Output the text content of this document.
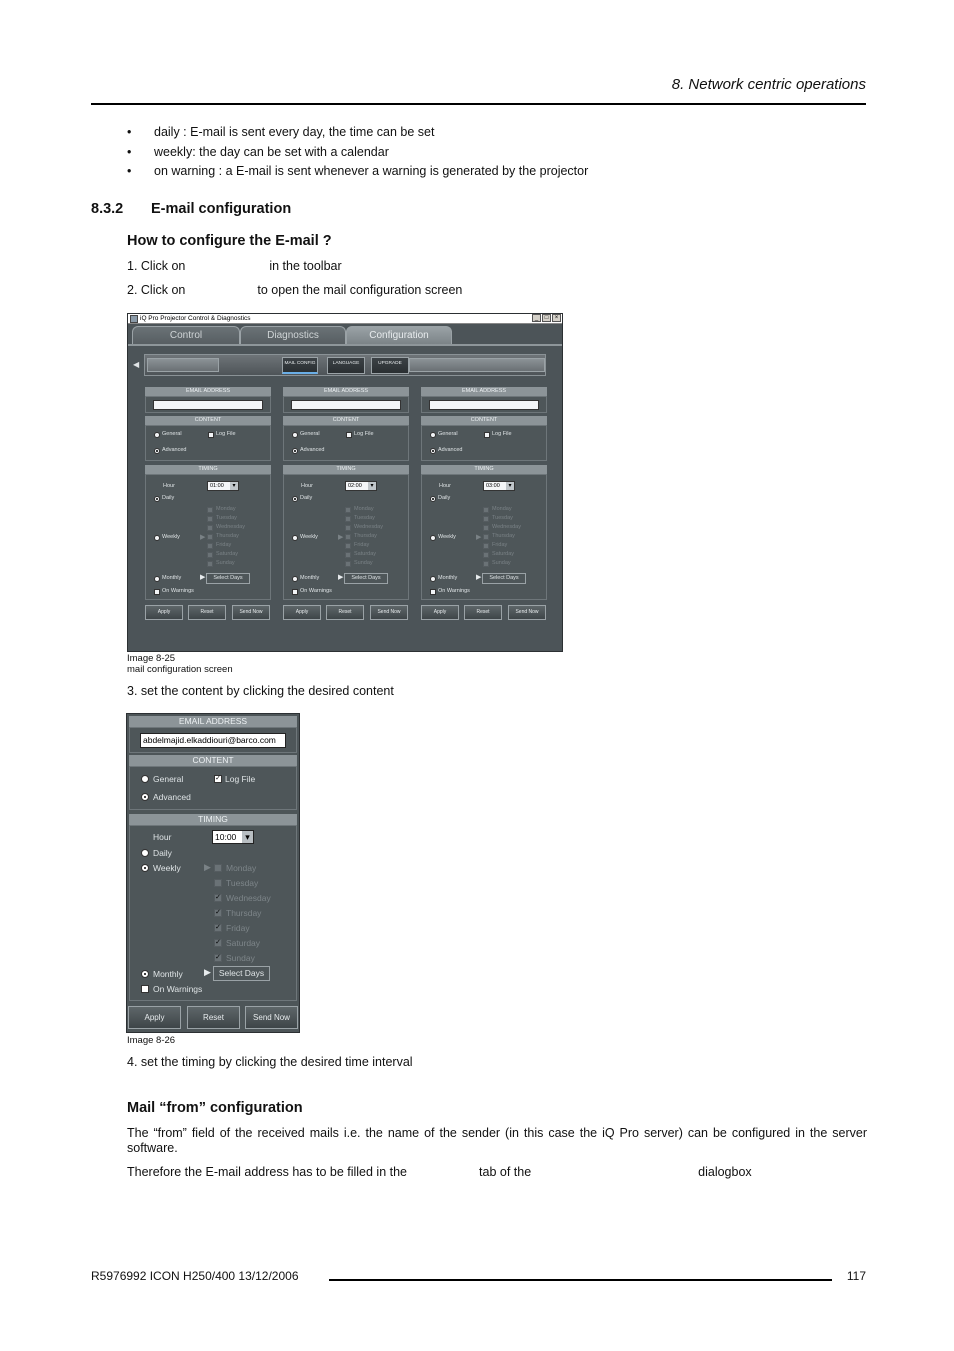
8. Network centric operations
• daily : E-mail is sent every day, the time can be set
• weekly: the day can be set with a calendar
• on warning : a E-mail is sent whenever a warning is generated by the projector
8.3.2 E-mail configuration
How to configure the E-mail ?
1. Click on	in the toolbar
2. Click on	to open the mail configuration screen
iQ Pro Projector Control & Diagnostics	_	□	×
Control	Diagnostics	Configuration
◀	MAIL CONFIG	LANGUAGE	UPGRADE
EMAIL ADDRESS
CONTENT
General	Log File
Advanced
TIMING
Hour	01:00 ▾
Daily
Weekly	▶
Monday
Tuesday
Wednesday
Thursday
Friday
Saturday
Sunday
Monthly	▶	Select Days
On Warnings
Apply	Reset	Send Now
EMAIL ADDRESS
CONTENT
General	Log File
Advanced
TIMING
Hour	02:00 ▾
Daily
Weekly	▶
Monday
Tuesday
Wednesday
Thursday
Friday
Saturday
Sunday
Monthly	▶	Select Days
On Warnings
Apply	Reset	Send Now
EMAIL ADDRESS
CONTENT
General	Log File
Advanced
TIMING
Hour	03:00 ▾
Daily
Weekly	▶
Monday
Tuesday
Wednesday
Thursday
Friday
Saturday
Sunday
Monthly	▶	Select Days
On Warnings
Apply	Reset	Send Now
Image 8-25
mail configuration screen
3. set the content by clicking the desired content
EMAIL ADDRESS
abdelmajid.elkaddiouri@barco.com
CONTENT
General	✓ Log File
Advanced
TIMING
Hour	10:00 ▾
Daily
Weekly	▶ Monday
Tuesday
✓ Wednesday
✓ Thursday
✓ Friday
✓ Saturday
✓ Sunday
Monthly ▶ Select Days
On Warnings
Apply	Reset	Send Now
Image 8-26
4. set the timing by clicking the desired time interval
Mail “from” configuration
The “from” field of the received mails i.e. the name of the sender (in this case the iQ Pro server) can be configured in the server software.
Therefore the E-mail address has to be filled in the	tab of the	dialogbox
R5976992 ICON H250/400 13/12/2006	117
